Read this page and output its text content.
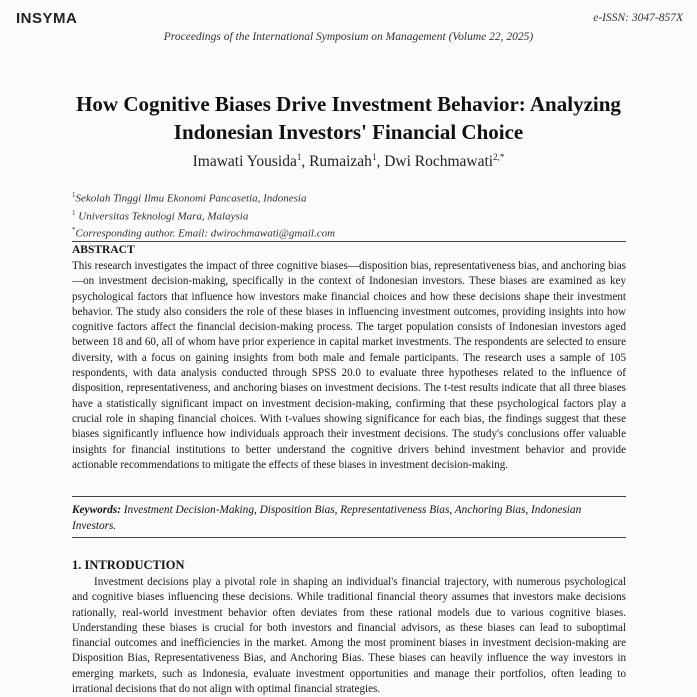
INSYMA	e-ISSN: 3047-857X
Proceedings of the International Symposium on Management (Volume 22, 2025)
How Cognitive Biases Drive Investment Behavior: Analyzing Indonesian Investors' Financial Choice
Imawati Yousida$^1$, Rumaizah$^1$, Dwi Rochmawati$^{2,*}$
$^1$Sekolah Tinggi Ilmu Ekonomi Pancasetia, Indonesia
$^1$ Universitas Teknologi Mara, Malaysia
*Corresponding author. Email: dwirochmawati@gmail.com
ABSTRACT
This research investigates the impact of three cognitive biases—disposition bias, representativeness bias, and anchoring bias—on investment decision-making, specifically in the context of Indonesian investors. These biases are examined as key psychological factors that influence how investors make financial choices and how these decisions shape their investment behavior. The study also considers the role of these biases in influencing investment outcomes, providing insights into how cognitive factors affect the financial decision-making process. The target population consists of Indonesian investors aged between 18 and 60, all of whom have prior experience in capital market investments. The respondents are selected to ensure diversity, with a focus on gaining insights from both male and female participants. The research uses a sample of 105 respondents, with data analysis conducted through SPSS 20.0 to evaluate three hypotheses related to the influence of disposition, representativeness, and anchoring biases on investment decisions. The t-test results indicate that all three biases have a statistically significant impact on investment decision-making, confirming that these psychological factors play a crucial role in shaping financial choices. With t-values showing significance for each bias, the findings suggest that these biases significantly influence how individuals approach their investment decisions. The study's conclusions offer valuable insights for financial institutions to better understand the cognitive drivers behind investment behavior and provide actionable recommendations to mitigate the effects of these biases in investment decision-making.
Keywords: Investment Decision-Making, Disposition Bias, Representativeness Bias, Anchoring Bias, Indonesian Investors.
1. INTRODUCTION
Investment decisions play a pivotal role in shaping an individual's financial trajectory, with numerous psychological and cognitive biases influencing these decisions. While traditional financial theory assumes that investors make decisions rationally, real-world investment behavior often deviates from these rational models due to various cognitive biases. Understanding these biases is crucial for both investors and financial advisors, as these biases can lead to suboptimal financial outcomes and inefficiencies in the market. Among the most prominent biases in investment decision-making are Disposition Bias, Representativeness Bias, and Anchoring Bias. These biases can heavily influence the way investors in emerging markets, such as Indonesia, evaluate investment opportunities and manage their portfolios, often leading to irrational decisions that do not align with optimal financial strategies.
